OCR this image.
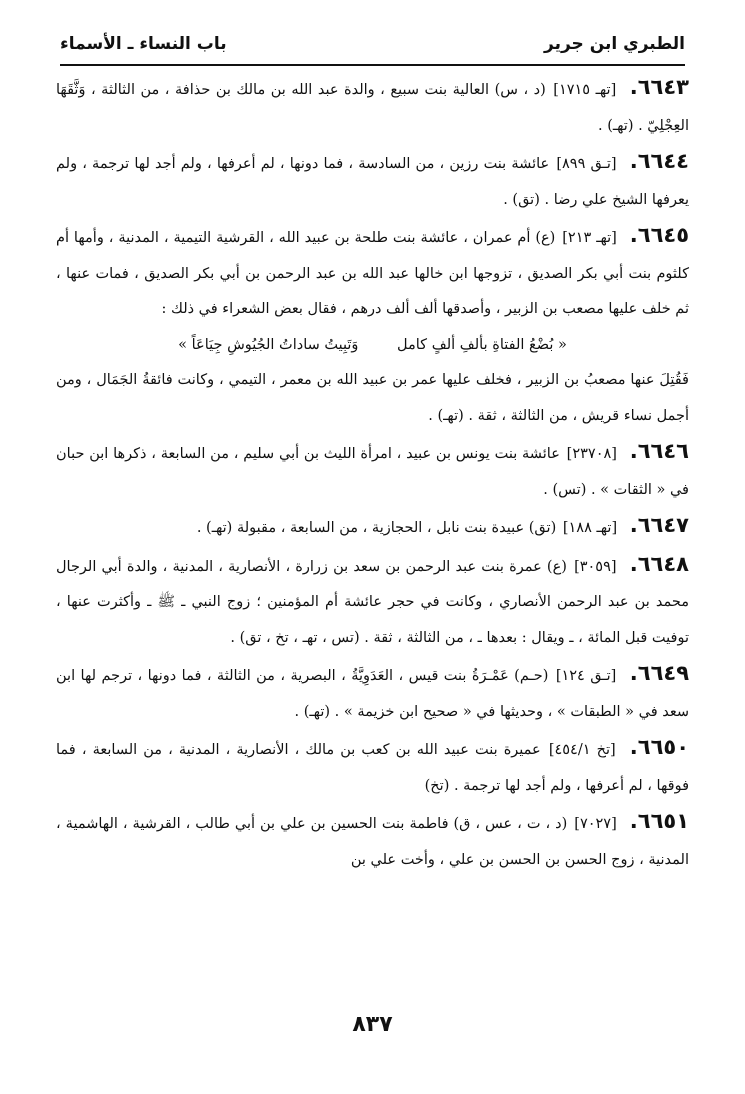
الطبري ابن جرير
باب النساء ـ الأسماء

٦٦٤٣. [تهـ ١٧١٥] (د ، س) العالية بنت سبيع ، والدة عبد الله بن مالك بن حذافة ، من الثالثة ، وَثَّقَهَا العِجْلِيّ . (تهـ) .

٦٦٤٤. [تـق ٨٩٩] عائشة بنت رزين ، من السادسة ، فما دونها ، لم أعرفها ، ولم أجد لها ترجمة ، ولم يعرفها الشيخ علي رضا . (تق) .

٦٦٤٥. [تهـ ٢١٣] (ع) أم عمران ، عائشة بنت طلحة بن عبيد الله ، القرشية التيمية ، المدنية ، وأمها أم كلثوم بنت أبي بكر الصديق ، تزوجها ابن خالها عبد الله بن عبد الرحمن بن أبي بكر الصديق ، فمات عنها ، ثم خلف عليها مصعب بن الزبير ، وأصدقها ألف ألف درهم ، فقال بعض الشعراء في ذلك :

« بُضْعُ الفتاةِ بألفِ ألفٍ كامل وَتَبِيتُ ساداتُ الجُيُوشِ جِيَاعَاً »

فَقُتِلَ عنها مصعبُ بن الزبير ، فخلف عليها عمر بن عبيد الله بن معمر ، التيمي ، وكانت فائقةُ الجَمَال ، ومن أجمل نساء قريش ، من الثالثة ، ثقة . (تهـ) .

٦٦٤٦. [٢٣٧٠٨] عائشة بنت يونس بن عبيد ، امرأة الليث بن أبي سليم ، من السابعة ، ذكرها ابن حبان في « الثقات » . (تس) .

٦٦٤٧. [تهـ ١٨٨] (تق) عبيدة بنت نابل ، الحجازية ، من السابعة ، مقبولة (تهـ) .

٦٦٤٨. [٣٠٥٩] (ع) عمرة بنت عبد الرحمن بن سعد بن زرارة ، الأنصارية ، المدنية ، والدة أبي الرجال محمد بن عبد الرحمن الأنصاري ، وكانت في حجر عائشة أم المؤمنين ؛ زوج النبي ـ ﷺ ـ وأكثرت عنها ، توفيت قبل المائة ، ـ ويقال : بعدها ـ ، من الثالثة ، ثقة . (تس ، تهـ ، تخ ، تق) .

٦٦٤٩. [تـق ١٢٤] (حـم) عَمْـرَةُ بنت قيس ، العَدَوِيَّةُ ، البصرية ، من الثالثة ، فما دونها ، ترجم لها ابن سعد في « الطبقات » ، وحديثها في « صحيح ابن خزيمة » . (تهـ) .

٦٦٥٠. [تخ ٤٥٤/١] عميرة بنت عبيد الله بن كعب بن مالك ، الأنصارية ، المدنية ، من السابعة ، فما فوقها ، لم أعرفها ، ولم أجد لها ترجمة . (تخ)

٦٦٥١. [٧٠٢٧] (د ، ت ، عس ، ق) فاطمة بنت الحسين بن علي بن أبي طالب ، القرشية ، الهاشمية ، المدنية ، زوج الحسن بن الحسن بن علي ، وأخت علي بن

٨٣٧
